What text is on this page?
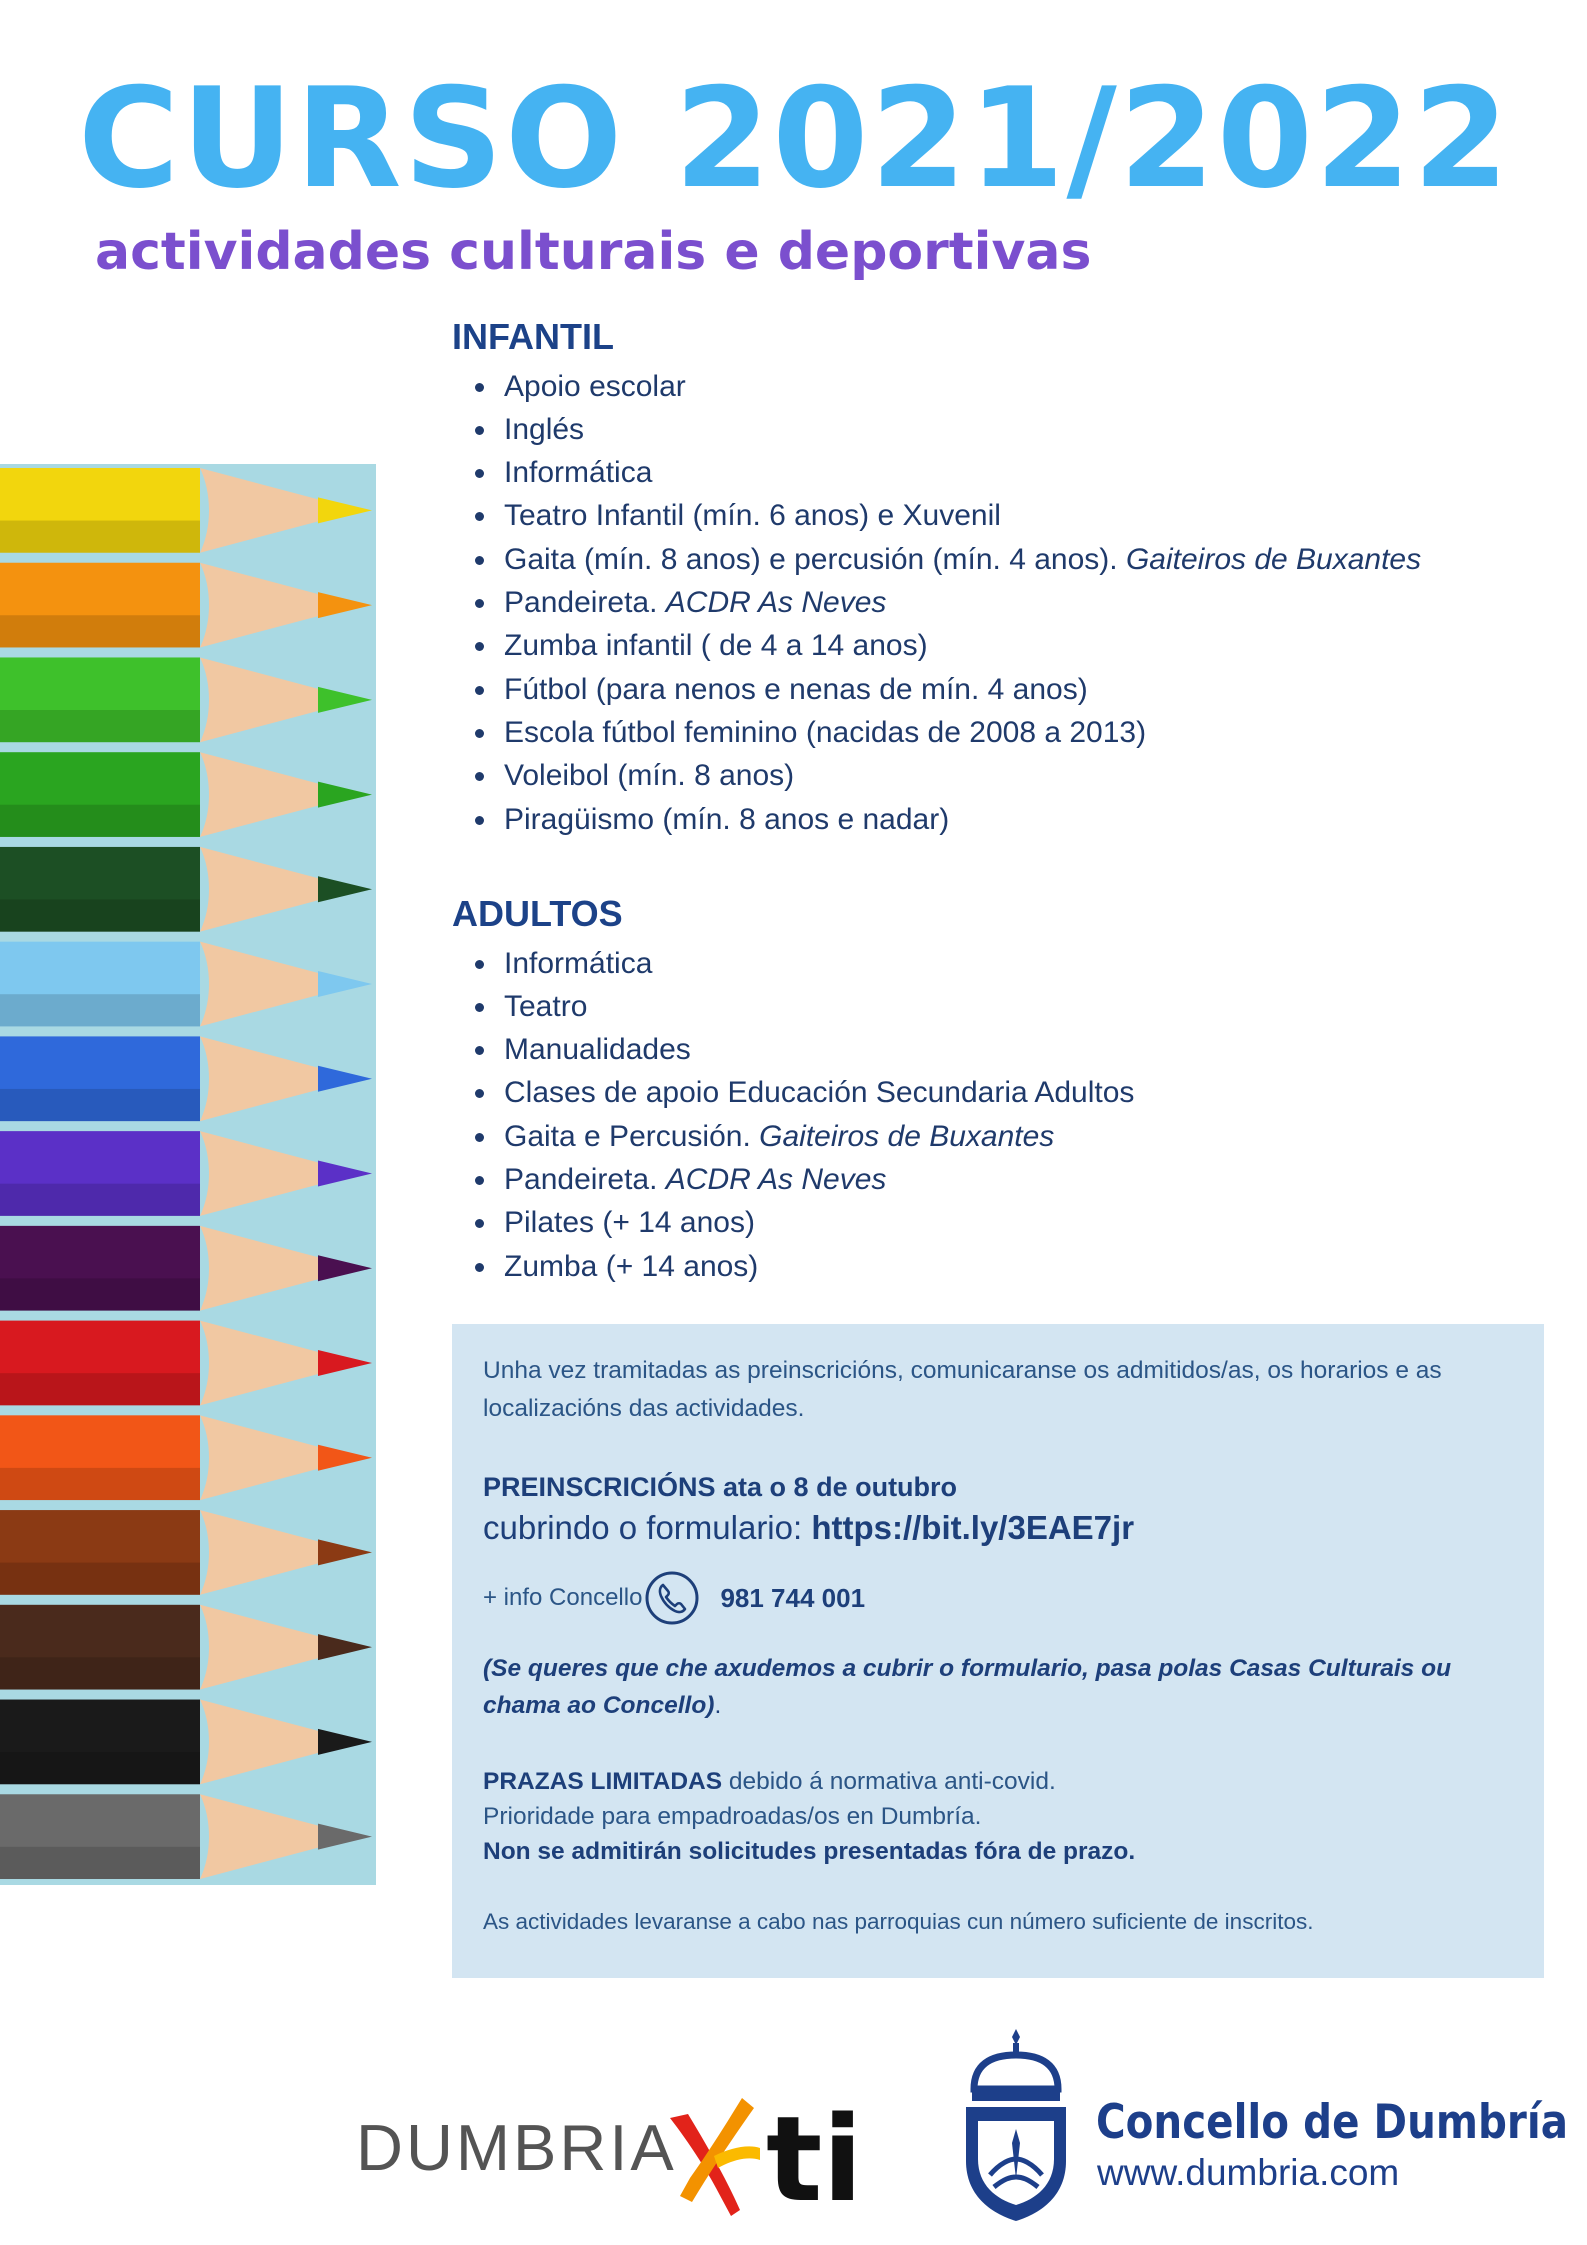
CURSO 2021/2022
actividades culturais e deportivas
INFANTIL
Apoio escolar
Inglés
Informática
Teatro Infantil (mín. 6 anos) e Xuvenil
Gaita (mín. 8 anos) e percusión (mín. 4 anos). Gaiteiros de Buxantes
Pandeireta. ACDR As Neves
Zumba infantil ( de 4 a 14 anos)
Fútbol (para nenos e nenas de mín. 4 anos)
Escola fútbol feminino (nacidas de 2008 a 2013)
Voleibol (mín. 8 anos)
Piragüismo (mín. 8 anos e nadar)
ADULTOS
Informática
Teatro
Manualidades
Clases de apoio Educación Secundaria Adultos
Gaita e Percusión. Gaiteiros de Buxantes
Pandeireta. ACDR As Neves
Pilates (+ 14 anos)
Zumba (+ 14 anos)

Unha vez tramitadas as preinscricións, comunicaranse os admitidos/as, os horarios e as localizacións das actividades.

PREINSCRICIÓNS ata o 8 de outubro

cubrindo o formulario: https://bit.ly/3EAE7jr

+ info Concello	981 744 001

(Se queres que che axudemos a cubrir o formulario, pasa polas Casas Culturais ou chama ao Concello).

PRAZAS LIMITADAS debido á normativa anti-covid.
Prioridade para empadroadas/os en Dumbría.
Non se admitirán solicitudes presentadas fóra de prazo.

As actividades levaranse a cabo nas parroquias cun número suficiente de inscritos.

DUMBRIA ti	Concello de Dumbría

www.dumbria.com
